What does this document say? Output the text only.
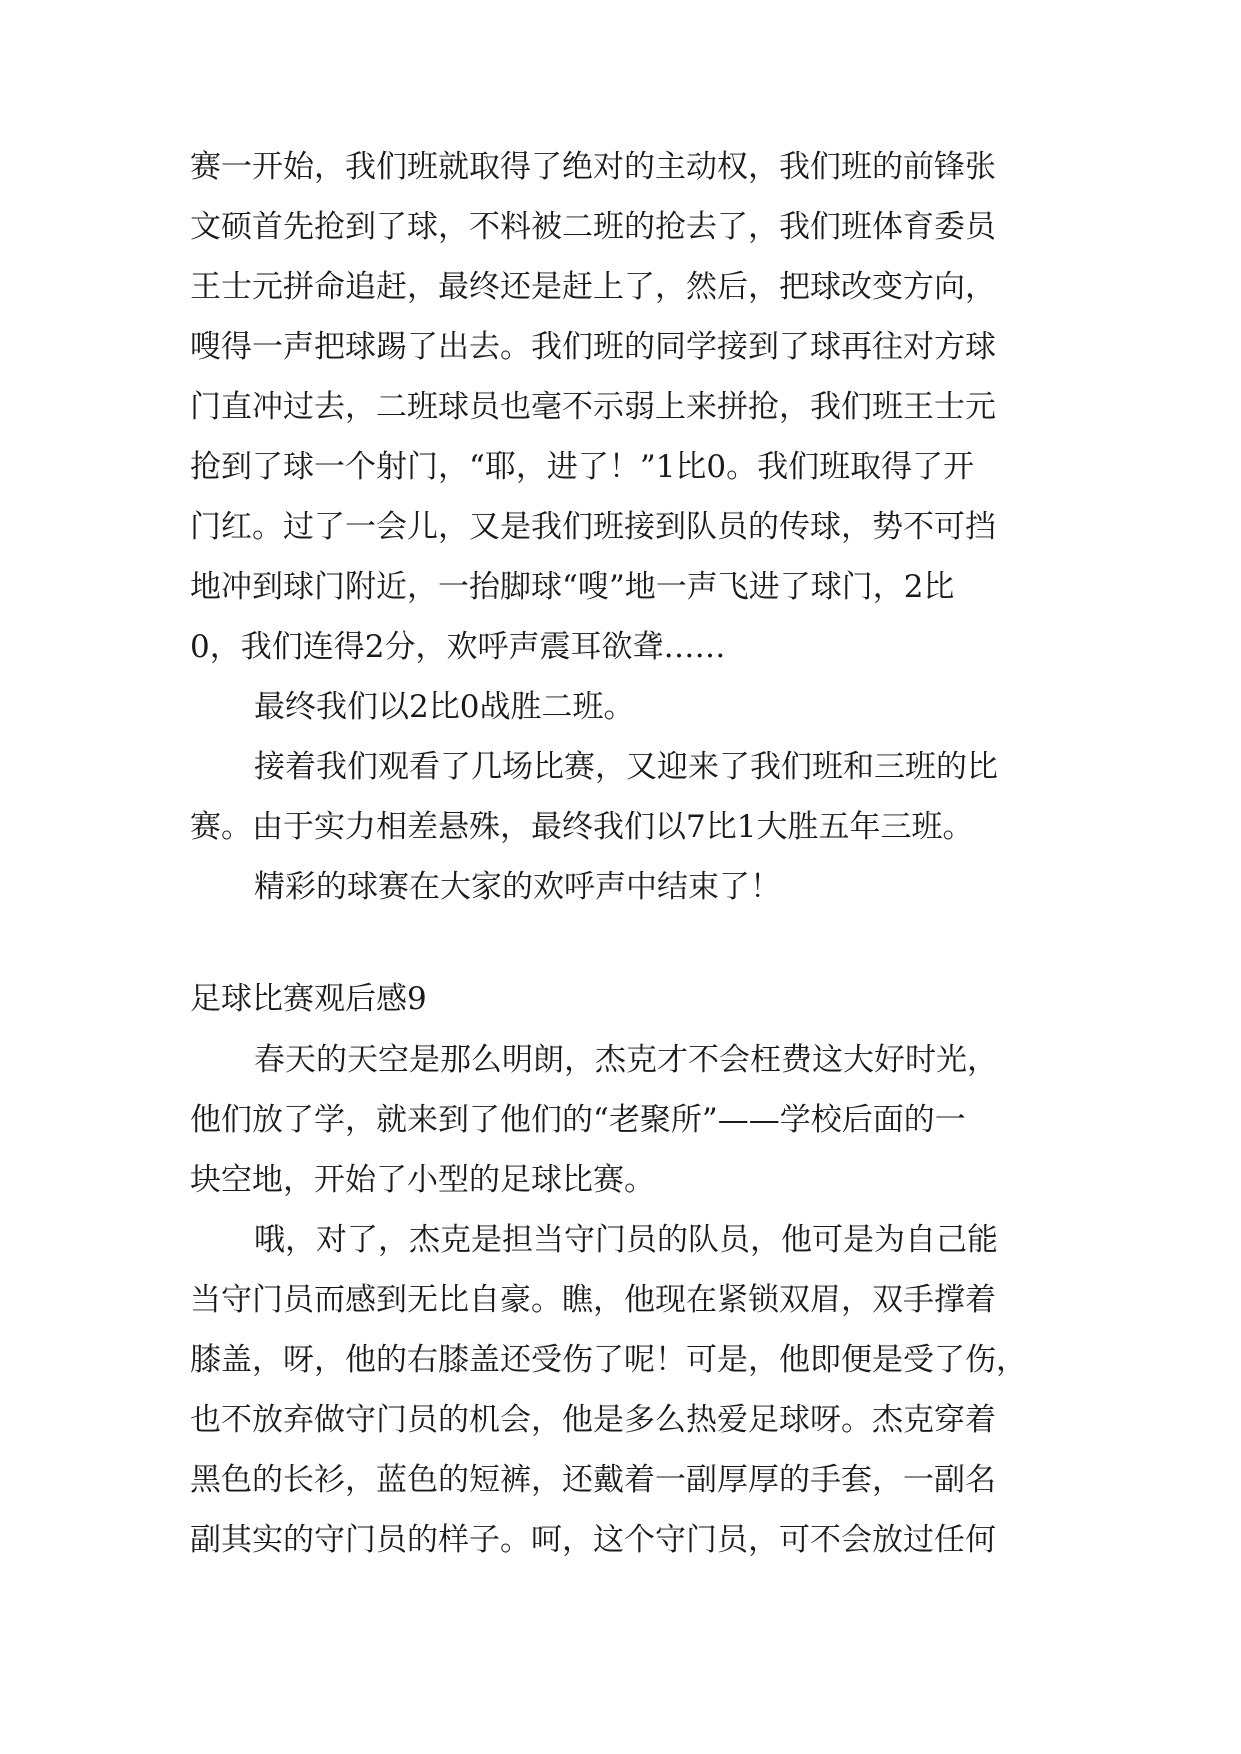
赛一开始，我们班就取得了绝对的主动权，我们班的前锋张
文硕首先抢到了球，不料被二班的抢去了，我们班体育委员
王士元拼命追赶，最终还是赶上了，然后，把球改变方向，
嗖得一声把球踢了出去。我们班的同学接到了球再往对方球
门直冲过去，二班球员也毫不示弱上来拼抢，我们班王士元
抢到了球一个射门，“耶，进了！”1比0。我们班取得了开
门红。过了一会儿，又是我们班接到队员的传球，势不可挡
地冲到球门附近，一抬脚球“嗖”地一声飞进了球门，2比
0，我们连得2分，欢呼声震耳欲聋……
最终我们以2比0战胜二班。
接着我们观看了几场比赛，又迎来了我们班和三班的比
赛。由于实力相差悬殊，最终我们以7比1大胜五年三班。
精彩的球赛在大家的欢呼声中结束了！
足球比赛观后感9
春天的天空是那么明朗，杰克才不会枉费这大好时光，
他们放了学，就来到了他们的“老聚所”——学校后面的一
块空地，开始了小型的足球比赛。
哦，对了，杰克是担当守门员的队员，他可是为自己能
当守门员而感到无比自豪。瞧，他现在紧锁双眉，双手撑着
膝盖，呀，他的右膝盖还受伤了呢！可是，他即便是受了伤，
也不放弃做守门员的机会，他是多么热爱足球呀。杰克穿着
黑色的长衫，蓝色的短裤，还戴着一副厚厚的手套，一副名
副其实的守门员的样子。呵，这个守门员，可不会放过任何
